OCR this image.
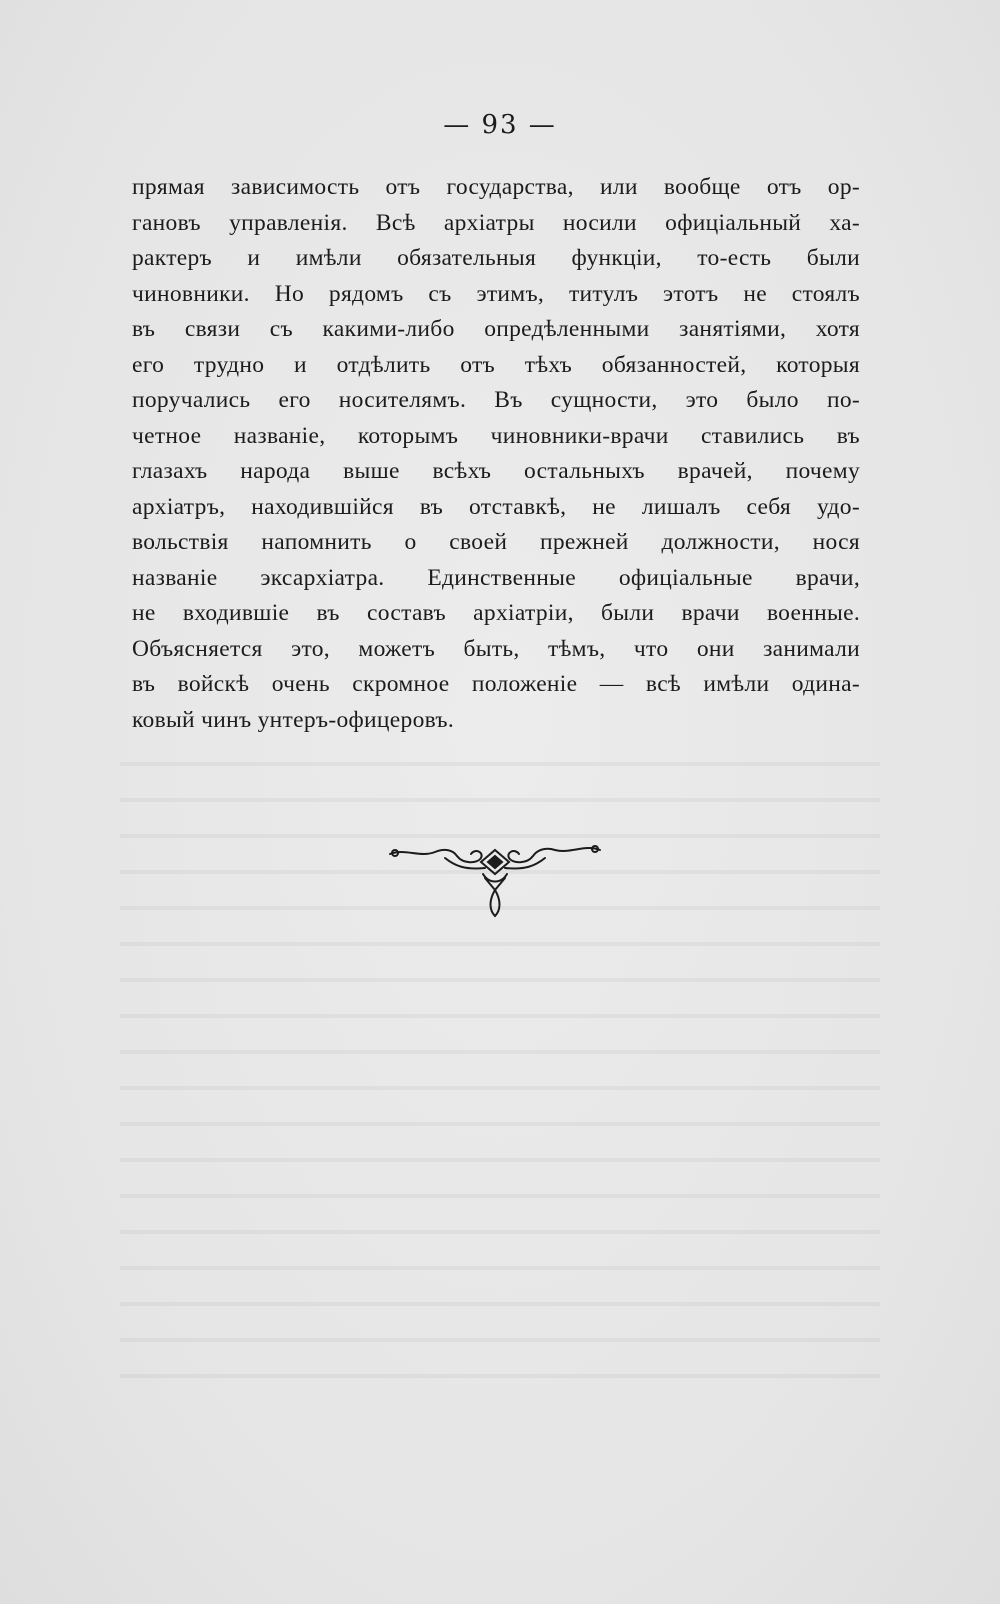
— 93 —
прямая зависимость отъ государства, или вообще отъ ор-
гановъ управленія. Всѣ архіатры носили офиціальный ха-
рактеръ и имѣли обязательныя функціи, то-есть были
чиновники. Но рядомъ съ этимъ, титулъ этотъ не стоялъ
въ связи съ какими-либо опредѣленными занятіями, хотя
его трудно и отдѣлить отъ тѣхъ обязанностей, которыя
поручались его носителямъ. Въ сущности, это было по-
четное названіе, которымъ чиновники-врачи ставились въ
глазахъ народа выше всѣхъ остальныхъ врачей, почему
архіатръ, находившійся въ отставкѣ, не лишалъ себя удо-
вольствія напомнить о своей прежней должности, нося
названіе эксархіатра. Единственные офиціальные врачи,
не входившіе въ составъ архіатріи, были врачи военные.
Объясняется это, можетъ быть, тѣмъ, что они занимали
въ войскѣ очень скромное положеніе — всѣ имѣли одина-
ковый чинъ унтеръ-офицеровъ.
